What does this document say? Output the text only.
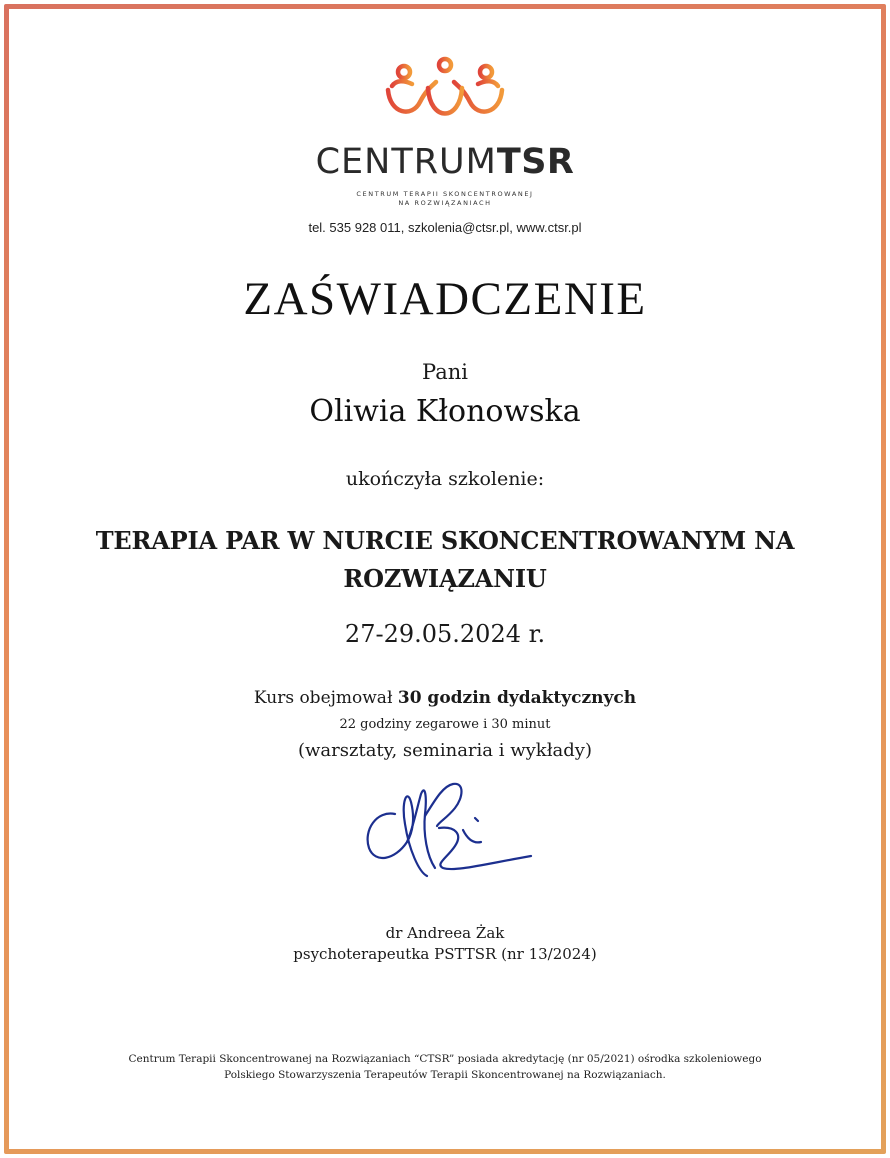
CENTRUMTSR
CENTRUM TERAPII SKONCENTROWANEJ
NA ROZWIĄZANIACH
tel. 535 928 011, szkolenia@ctsr.pl, www.ctsr.pl
ZAŚWIADCZENIE
Pani
Oliwia Kłonowska
ukończyła szkolenie:
TERAPIA PAR W NURCIE SKONCENTROWANYM NA
ROZWIĄZANIU
27-29.05.2024 r.
Kurs obejmował 30 godzin dydaktycznych
22 godziny zegarowe i 30 minut
(warsztaty, seminaria i wykłady)
dr Andreea Żak
psychoterapeutka PSTTSR (nr 13/2024)
Centrum Terapii Skoncentrowanej na Rozwiązaniach “CTSR” posiada akredytację (nr 05/2021) ośrodka szkoleniowego
Polskiego Stowarzyszenia Terapeutów Terapii Skoncentrowanej na Rozwiązaniach.
